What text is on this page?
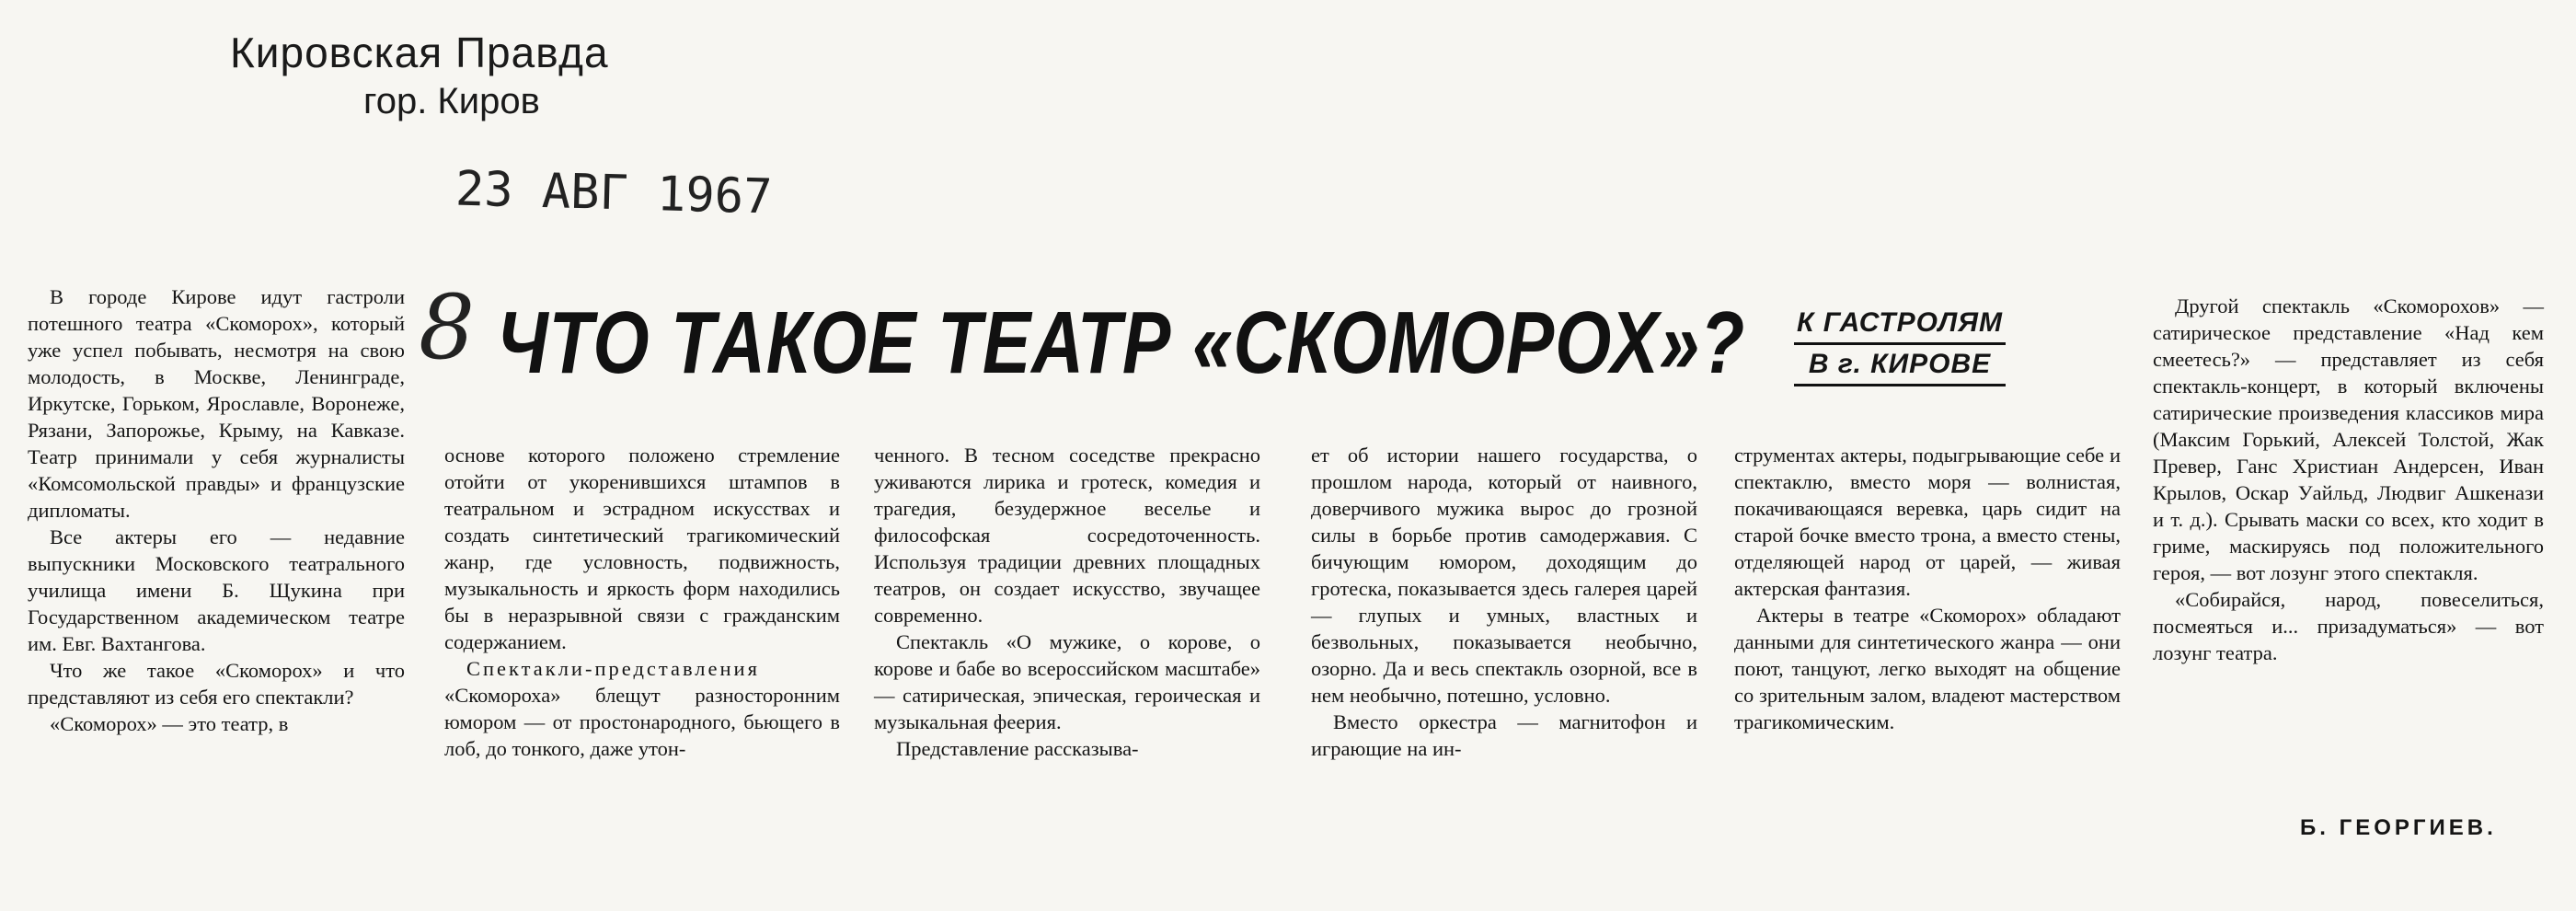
Кировская Правда
гор. Киров
23 АВГ 1967
8 ЧТО ТАКОЕ ТЕАТР «СКОМОРОХ»? К ГАСТРОЛЯМ
В г. КИРОВЕ

В городе Кирове идут гастроли потешного театра «Скоморох», который уже успел побывать, несмотря на свою молодость, в Москве, Ленинграде, Иркутске, Горьком, Ярославле, Воронеже, Рязани, Запорожье, Крыму, на Кавказе. Театр принимали у себя журналисты «Комсомольской правды» и французские дипломаты.

Все актеры его — недавние выпускники Московского театрального училища имени Б. Щукина при Государственном академическом театре им. Евг. Вахтангова.

Что же такое «Скоморох» и что представляют из себя его спектакли?

«Скоморох» — это театр, в

основе которого положено стремление отойти от укоренившихся штампов в театральном и эстрадном искусствах и создать синтетический трагикомический жанр, где условность, подвижность, музыкальность и яркость форм находились бы в неразрывной связи с гражданским содержанием.

Спектакли-представления «Скомороха» блещут разносторонним юмором — от простонародного, бьющего в лоб, до тонкого, даже утон-

ченного. В тесном соседстве прекрасно уживаются лирика и гротеск, комедия и трагедия, безудержное веселье и философская сосредоточенность. Используя традиции древних площадных театров, он создает искусство, звучащее современно.

Спектакль «О мужике, о корове, о корове и бабе во всероссийском масштабе» — сатирическая, эпическая, героическая и музыкальная феерия.

Представление рассказыва-

ет об истории нашего государства, о прошлом народа, который от наивного, доверчивого мужика вырос до грозной силы в борьбе против самодержавия. С бичующим юмором, доходящим до гротеска, показывается здесь галерея царей — глупых и умных, властных и безвольных, показывается необычно, озорно. Да и весь спектакль озорной, все в нем необычно, потешно, условно.

Вместо оркестра — магнитофон и играющие на ин-

струментах актеры, подыгрывающие себе и спектаклю, вместо моря — волнистая, покачивающаяся веревка, царь сидит на старой бочке вместо трона, а вместо стены, отделяющей народ от царей, — живая актерская фантазия.

Актеры в театре «Скоморох» обладают данными для синтетического жанра — они поют, танцуют, легко выходят на общение со зрительным залом, владеют мастерством трагикомическим.

Другой спектакль «Скоморохов» — сатирическое представление «Над кем смеетесь?» — представляет из себя спектакль-концерт, в который включены сатирические произведения классиков мира (Максим Горький, Алексей Толстой, Жак Превер, Ганс Христиан Андерсен, Иван Крылов, Оскар Уайльд, Людвиг Ашкенази и т. д.). Срывать маски со всех, кто ходит в гриме, маскируясь под положительного героя, — вот лозунг этого спектакля.

«Собирайся, народ, повеселиться, посмеяться и... призадуматься» — вот лозунг театра.

Б. ГЕОРГИЕВ.
